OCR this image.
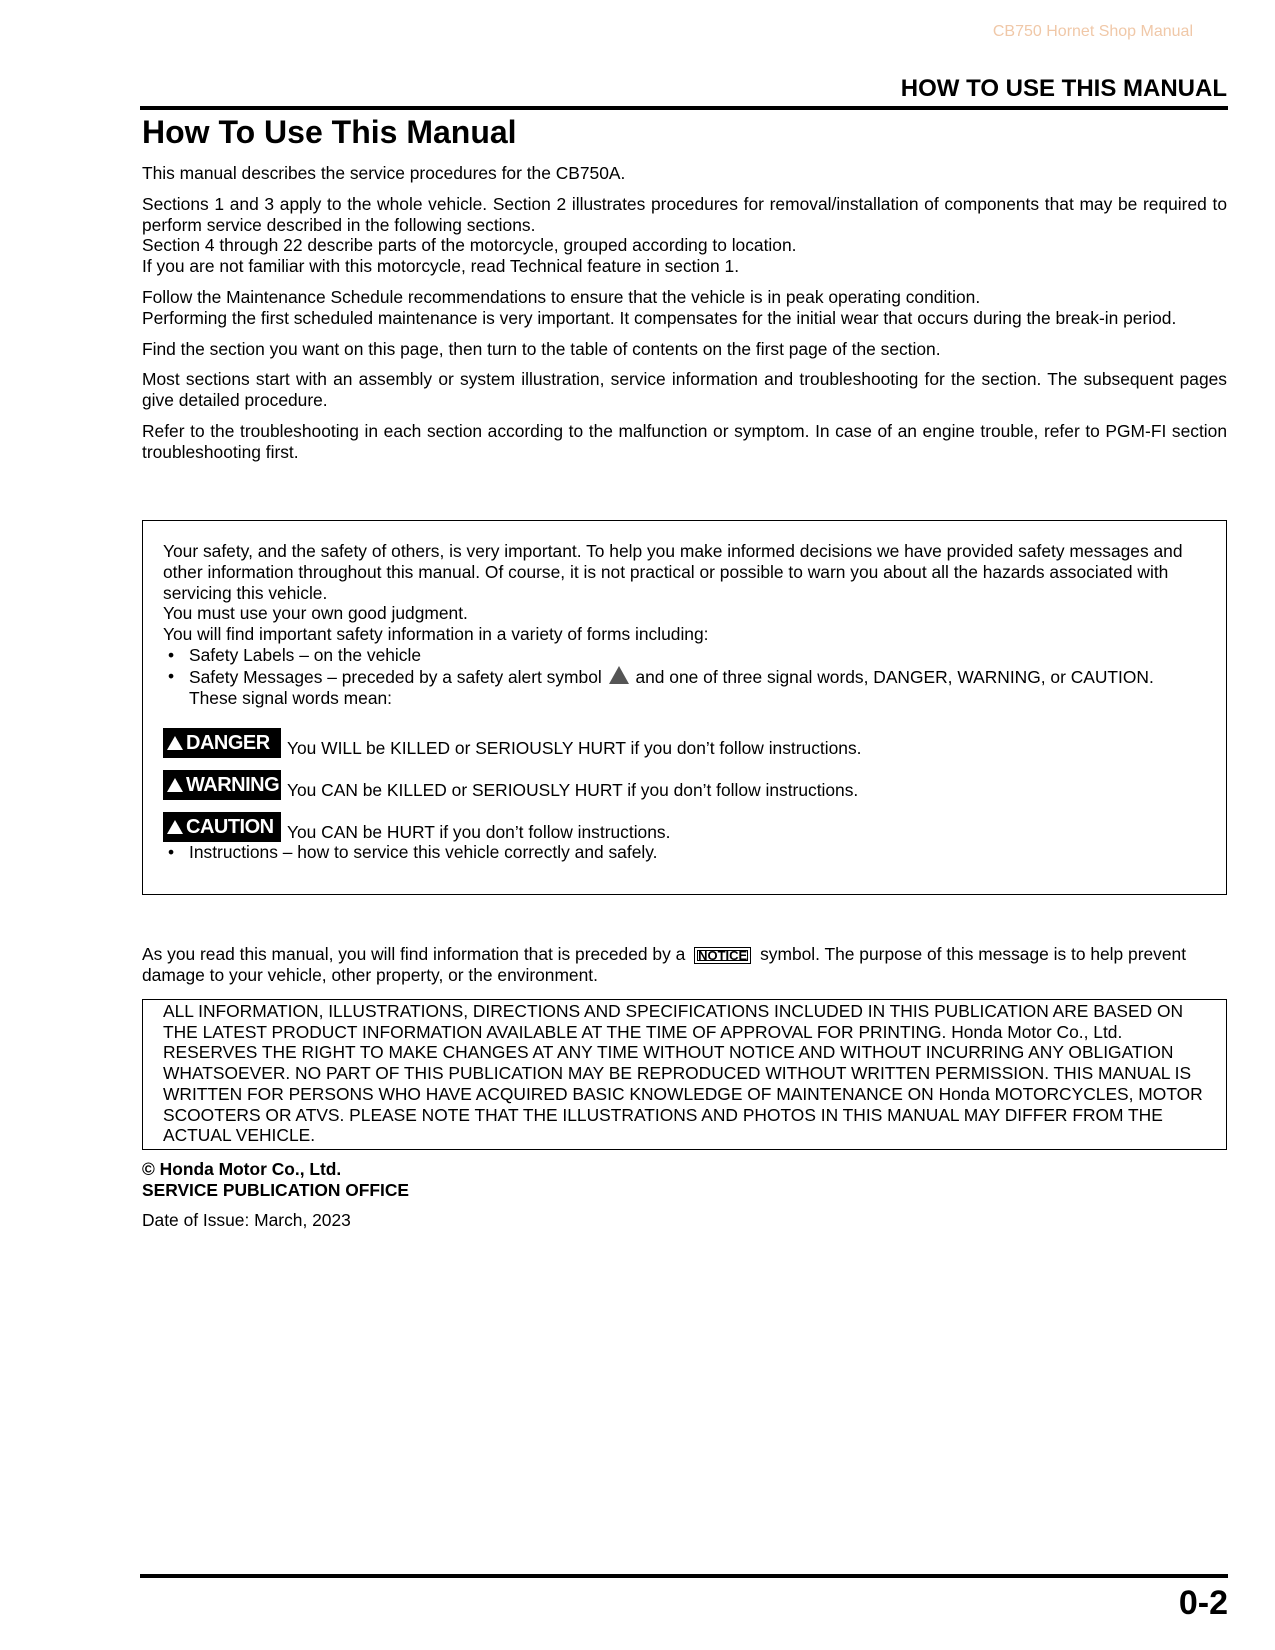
CB750 Hornet Shop Manual
HOW TO USE THIS MANUAL
How To Use This Manual

This manual describes the service procedures for the CB750A.

Sections 1 and 3 apply to the whole vehicle. Section 2 illustrates procedures for removal/installation of components that may be required to perform service described in the following sections.
Section 4 through 22 describe parts of the motorcycle, grouped according to location.
If you are not familiar with this motorcycle, read Technical feature in section 1.

Follow the Maintenance Schedule recommendations to ensure that the vehicle is in peak operating condition.
Performing the first scheduled maintenance is very important. It compensates for the initial wear that occurs during the break-in period.

Find the section you want on this page, then turn to the table of contents on the first page of the section.

Most sections start with an assembly or system illustration, service information and troubleshooting for the section. The subsequent pages give detailed procedure.

Refer to the troubleshooting in each section according to the malfunction or symptom. In case of an engine trouble, refer to PGM-FI section troubleshooting first.

Your safety, and the safety of others, is very important. To help you make informed decisions we have provided safety messages and other information throughout this manual. Of course, it is not practical or possible to warn you about all the hazards associated with servicing this vehicle.

You must use your own good judgment.

You will find important safety information in a variety of forms including:

• Safety Labels – on the vehicle
• Safety Messages – preceded by a safety alert symbol and one of three signal words, DANGER, WARNING, or CAUTION. These signal words mean:
DANGER You WILL be KILLED or SERIOUSLY HURT if you don’t follow instructions.
WARNING You CAN be KILLED or SERIOUSLY HURT if you don’t follow instructions.
CAUTION You CAN be HURT if you don’t follow instructions.
• Instructions – how to service this vehicle correctly and safely.

As you read this manual, you will find information that is preceded by a NOTICE symbol. The purpose of this message is to help prevent damage to your vehicle, other property, or the environment.

ALL INFORMATION, ILLUSTRATIONS, DIRECTIONS AND SPECIFICATIONS INCLUDED IN THIS PUBLICATION ARE BASED ON THE LATEST PRODUCT INFORMATION AVAILABLE AT THE TIME OF APPROVAL FOR PRINTING. Honda Motor Co., Ltd. RESERVES THE RIGHT TO MAKE CHANGES AT ANY TIME WITHOUT NOTICE AND WITHOUT INCURRING ANY OBLIGATION WHATSOEVER. NO PART OF THIS PUBLICATION MAY BE REPRODUCED WITHOUT WRITTEN PERMISSION. THIS MANUAL IS WRITTEN FOR PERSONS WHO HAVE ACQUIRED BASIC KNOWLEDGE OF MAINTENANCE ON Honda MOTORCYCLES, MOTOR SCOOTERS OR ATVS. PLEASE NOTE THAT THE ILLUSTRATIONS AND PHOTOS IN THIS MANUAL MAY DIFFER FROM THE ACTUAL VEHICLE.
© Honda Motor Co., Ltd.
SERVICE PUBLICATION OFFICE
Date of Issue: March, 2023
0-2
